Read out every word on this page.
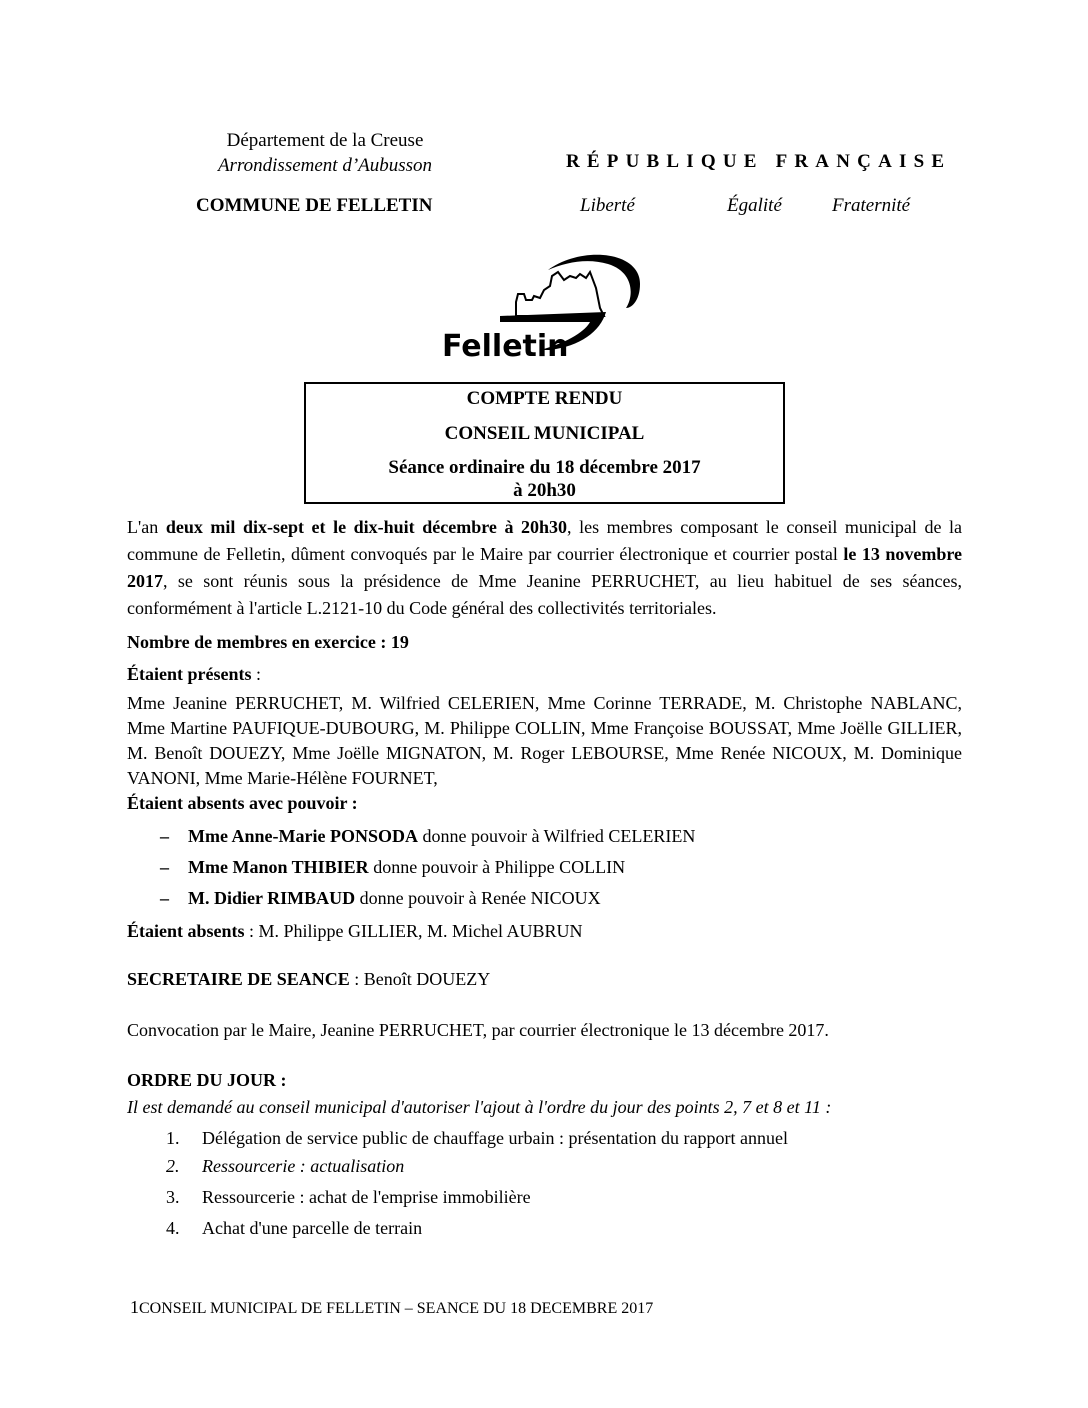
Département de la Creuse
Arrondissement d’Aubusson
COMMUNE DE FELLETIN
RÉPUBLIQUE FRANÇAISE
Liberté	Égalité	Fraternité
Felletin
COMPTE RENDU
CONSEIL MUNICIPAL
Séance ordinaire du 18 décembre 2017
à 20h30
L'an deux mil dix-sept et le dix-huit décembre à 20h30, les membres composant le conseil municipal de la commune de Felletin, dûment convoqués par le Maire par courrier électronique et courrier postal le 13 novembre 2017, se sont réunis sous la présidence de Mme Jeanine PERRUCHET, au lieu habituel de ses séances, conformément à l'article L.2121-10 du Code général des collectivités territoriales.
Nombre de membres en exercice : 19
Étaient présents :
Mme Jeanine PERRUCHET, M. Wilfried CELERIEN, Mme Corinne TERRADE, M. Christophe NABLANC, Mme Martine PAUFIQUE-DUBOURG, M. Philippe COLLIN, Mme Françoise BOUSSAT, Mme Joëlle GILLIER, M. Benoît DOUEZY, Mme Joëlle MIGNATON, M. Roger LEBOURSE, Mme Renée NICOUX, M. Dominique VANONI, Mme Marie-Hélène FOURNET,
Étaient absents avec pouvoir :
– Mme Anne-Marie PONSODA donne pouvoir à Wilfried CELERIEN
– Mme Manon THIBIER donne pouvoir à Philippe COLLIN
– M. Didier RIMBAUD donne pouvoir à Renée NICOUX
Étaient absents : M. Philippe GILLIER, M. Michel AUBRUN
SECRETAIRE DE SEANCE : Benoît DOUEZY
Convocation par le Maire, Jeanine PERRUCHET, par courrier électronique le 13 décembre 2017.
ORDRE DU JOUR :
Il est demandé au conseil municipal d'autoriser l'ajout à l'ordre du jour des points 2, 7 et 8 et 11 :
1. Délégation de service public de chauffage urbain : présentation du rapport annuel
2. Ressourcerie : actualisation
3. Ressourcerie : achat de l'emprise immobilière
4. Achat d'une parcelle de terrain
1CONSEIL MUNICIPAL DE FELLETIN – SEANCE DU 18 DECEMBRE 2017
